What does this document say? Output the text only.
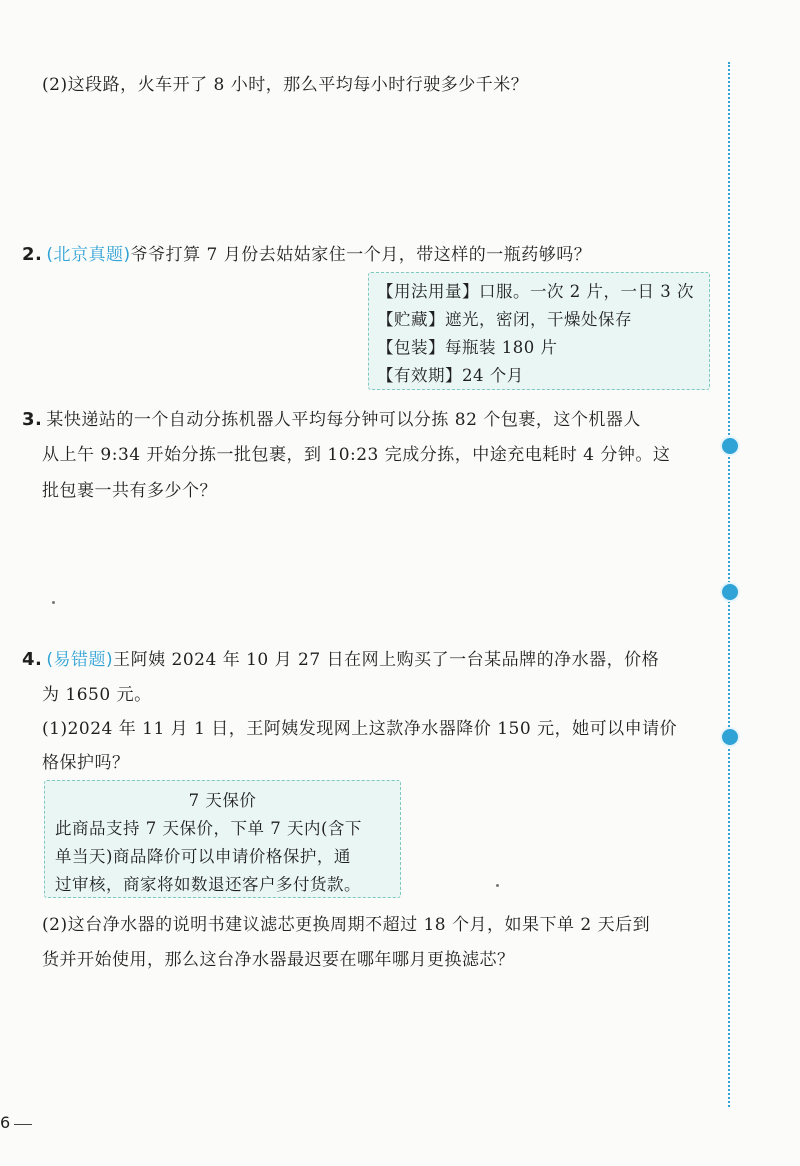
(2)这段路，火车开了 8 小时，那么平均每小时行驶多少千米？
2. (北京真题)爷爷打算 7 月份去姑姑家住一个月，带这样的一瓶药够吗？
【用法用量】口服。一次 2 片，一日 3 次
【贮藏】遮光，密闭，干燥处保存
【包装】每瓶装 180 片
【有效期】24 个月
3. 某快递站的一个自动分拣机器人平均每分钟可以分拣 82 个包裹，这个机器人
从上午 9:34 开始分拣一批包裹，到 10:23 完成分拣，中途充电耗时 4 分钟。这
批包裹一共有多少个？
4. (易错题)王阿姨 2024 年 10 月 27 日在网上购买了一台某品牌的净水器，价格
为 1650 元。
(1)2024 年 11 月 1 日，王阿姨发现网上这款净水器降价 150 元，她可以申请价
格保护吗？
7 天保价
此商品支持 7 天保价，下单 7 天内(含下
单当天)商品降价可以申请价格保护，通
过审核，商家将如数退还客户多付货款。
(2)这台净水器的说明书建议滤芯更换周期不超过 18 个月，如果下单 2 天后到
货并开始使用，那么这台净水器最迟要在哪年哪月更换滤芯？
6
